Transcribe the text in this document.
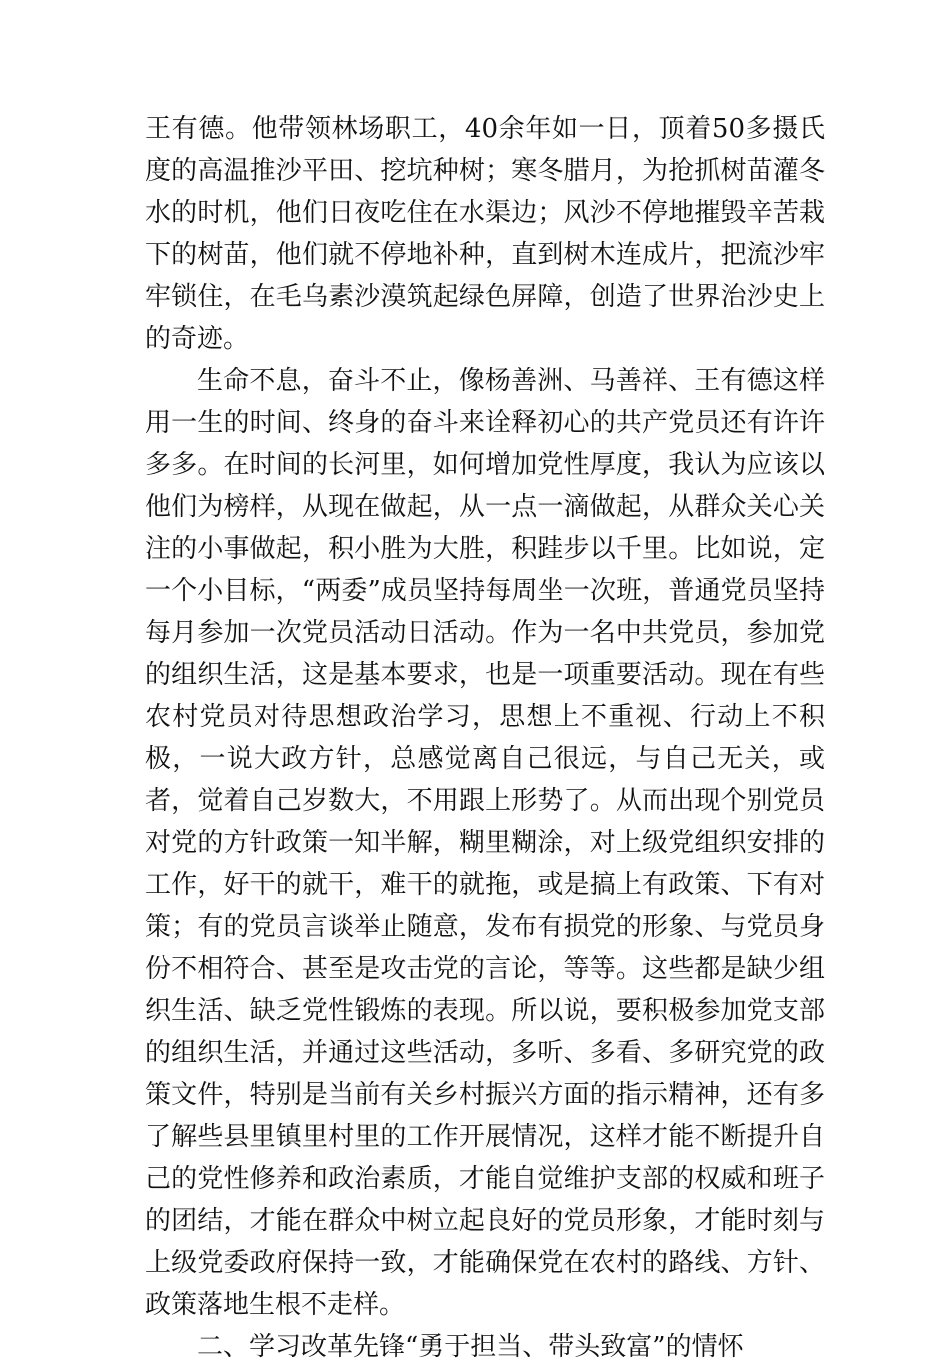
王有德。他带领林场职工，40余年如一日，顶着50多摄氏度的高温推沙平田、挖坑种树；寒冬腊月，为抢抓树苗灌冬水的时机，他们日夜吃住在水渠边；风沙不停地摧毁辛苦栽下的树苗，他们就不停地补种，直到树木连成片，把流沙牢牢锁住，在毛乌素沙漠筑起绿色屏障，创造了世界治沙史上的奇迹。

生命不息，奋斗不止，像杨善洲、马善祥、王有德这样用一生的时间、终身的奋斗来诠释初心的共产党员还有许许多多。在时间的长河里，如何增加党性厚度，我认为应该以他们为榜样，从现在做起，从一点一滴做起，从群众关心关注的小事做起，积小胜为大胜，积跬步以千里。比如说，定一个小目标，“两委”成员坚持每周坐一次班，普通党员坚持每月参加一次党员活动日活动。作为一名中共党员，参加党的组织生活，这是基本要求，也是一项重要活动。现在有些农村党员对待思想政治学习，思想上不重视、行动上不积极，一说大政方针，总感觉离自己很远，与自己无关，或者，觉着自己岁数大，不用跟上形势了。从而出现个别党员对党的方针政策一知半解，糊里糊涂，对上级党组织安排的工作，好干的就干，难干的就拖，或是搞上有政策、下有对策；有的党员言谈举止随意，发布有损党的形象、与党员身份不相符合、甚至是攻击党的言论，等等。这些都是缺少组织生活、缺乏党性锻炼的表现。所以说，要积极参加党支部的组织生活，并通过这些活动，多听、多看、多研究党的政策文件，特别是当前有关乡村振兴方面的指示精神，还有多了解些县里镇里村里的工作开展情况，这样才能不断提升自己的党性修养和政治素质，才能自觉维护支部的权威和班子的团结，才能在群众中树立起良好的党员形象，才能时刻与上级党委政府保持一致，才能确保党在农村的路线、方针、政策落地生根不走样。

二、学习改革先锋“勇于担当、带头致富”的情怀
